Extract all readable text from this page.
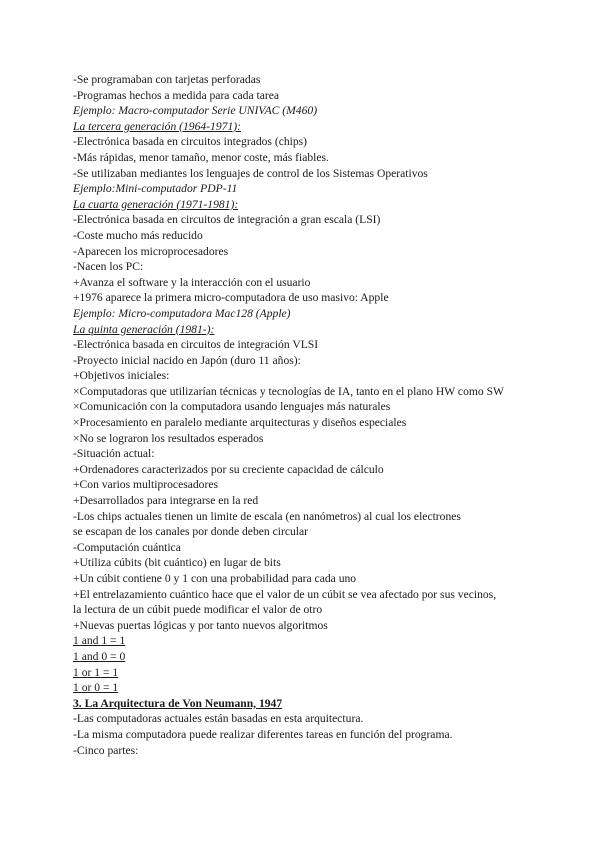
-Se programaban con tarjetas perforadas
-Programas hechos a medida para cada tarea
Ejemplo: Macro-computador Serie UNIVAC (M460)
La tercera generación (1964-1971):
-Electrónica basada en circuitos integrados (chips)
-Más rápidas, menor tamaño, menor coste, más fiables.
-Se utilizaban mediantes los lenguajes de control de los Sistemas Operativos
Ejemplo:Mini-computador PDP-11
La cuarta generación (1971-1981):
-Electrónica basada en circuitos de integración a gran escala (LSI)
-Coste mucho más reducido
-Aparecen los microprocesadores
-Nacen los PC:
+Avanza el software y la interacción con el usuario
+1976 aparece la primera micro-computadora de uso masivo: Apple
Ejemplo: Micro-computadora Mac128 (Apple)
La quinta generación (1981-):
-Electrónica basada en circuitos de integración VLSI
-Proyecto inicial nacido en Japón (duro 11 años):
+Objetivos iniciales:
×Computadoras que utilizarían técnicas y tecnologías de IA, tanto en el plano HW como SW
×Comunicación con la computadora usando lenguajes más naturales
×Procesamiento en paralelo mediante arquitecturas y diseños especiales
×No se lograron los resultados esperados
-Situación actual:
+Ordenadores caracterizados por su creciente capacidad de cálculo
+Con varios multiprocesadores
+Desarrollados para integrarse en la red
-Los chips actuales tienen un limite de escala (en nanómetros) al cual los electrones
se escapan de los canales por donde deben circular
-Computación cuántica
+Utiliza cúbits (bit cuántico) en lugar de bits
+Un cúbit contiene 0 y 1 con una probabilidad para cada uno
+El entrelazamiento cuántico hace que el valor de un cúbit se vea afectado por sus vecinos,
la lectura de un cúbit puede modificar el valor de otro
+Nuevas puertas lógicas y por tanto nuevos algoritmos
1 and 1 = 1
1 and 0 = 0
1 or 1 = 1
1 or 0 = 1
3. La Arquitectura de Von Neumann, 1947
-Las computadoras actuales están basadas en esta arquitectura.
-La misma computadora puede realizar diferentes tareas en función del programa.
-Cinco partes:
